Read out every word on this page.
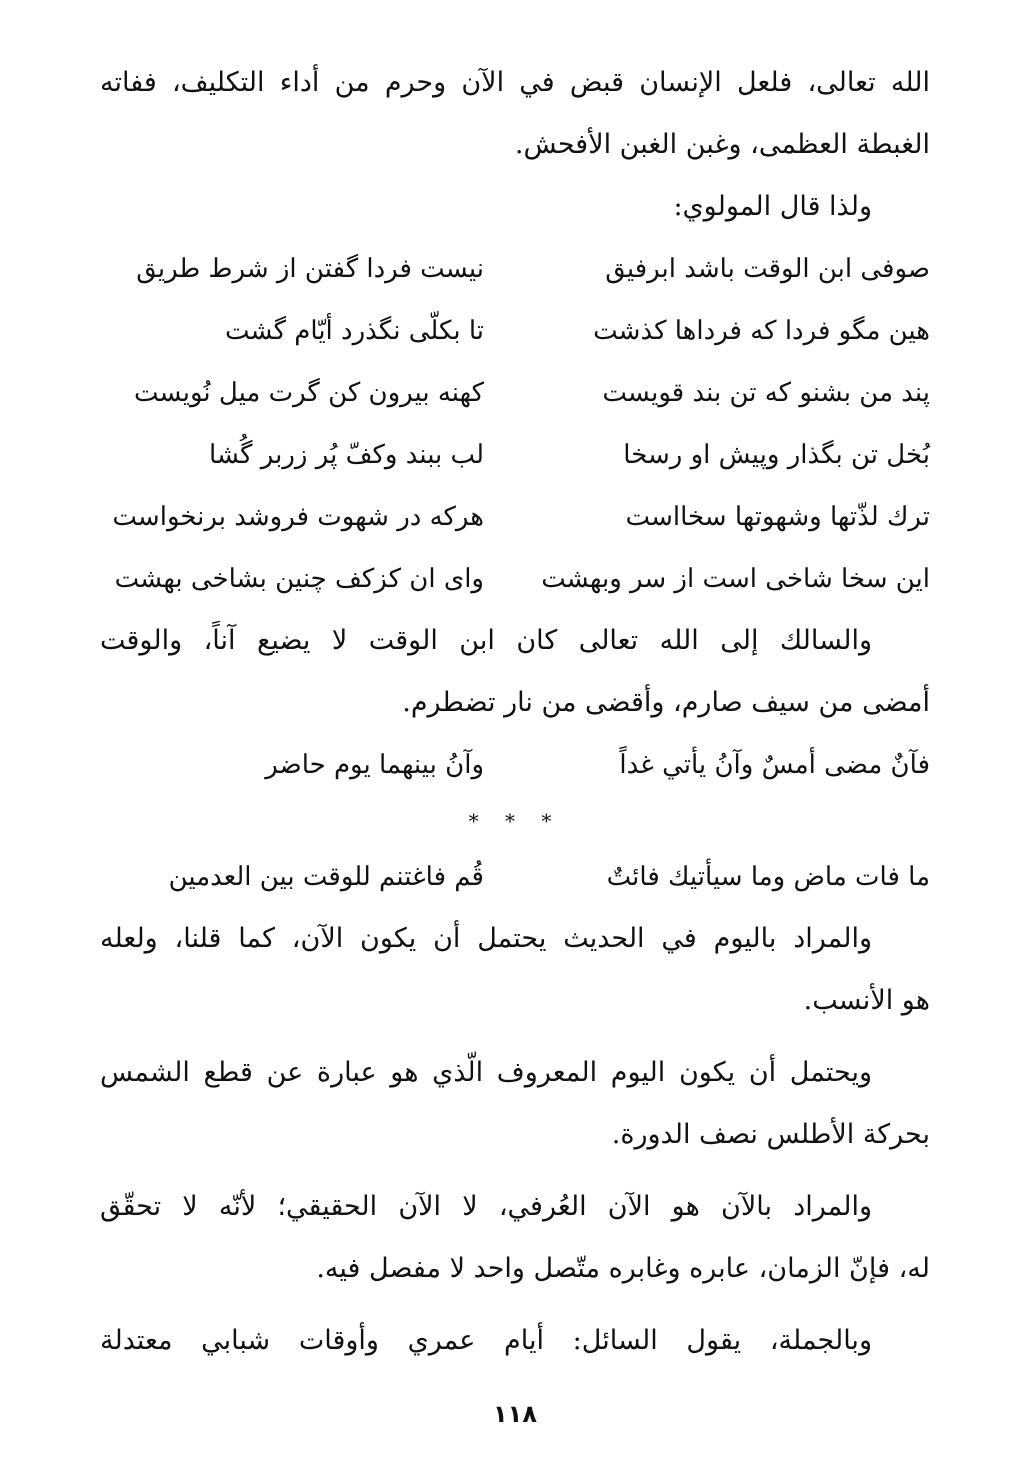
الله تعالى، فلعل الإنسان قبض في الآن وحرم من أداء التكليف، ففاته
الغبطة العظمى، وغبن الغبن الأفحش.
ولذا قال المولوي:
صوفی ابن الوقت باشد ابرفیق
نیست فردا گفتن از شرط طریق
هین مگو فردا که فرداها کذشت
تا بکلّی نگذرد أيّام گشت
پند من بشنو که تن بند قویست
کهنه بیرون کن گرت میل نُویست
بُخل تن بگذار وپیش او رسخا
لب ببند وکفّ پُر زربر گُشا
ترك لذّتها وشهوتها سخااست
هرکه در شهوت فروشد برنخواست
این سخا شاخی است از سر وبهشت
وای ان کزکف چنین بشاخی بهشت
والسالك إلى الله تعالى كان ابن الوقت لا يضيع آناً، والوقت
أمضى من سيف صارم، وأقضى من نار تضطرم.
فآنٌ مضى أمسٌ وآنُ يأتي غداً
وآنُ بينهما يوم حاضر
* * *
ما فات ماض وما سيأتيك فائتٌ
قُم فاغتنم للوقت بين العدمين
والمراد باليوم في الحديث يحتمل أن يكون الآن، كما قلنا، ولعله
هو الأنسب.
ويحتمل أن يكون اليوم المعروف الّذي هو عبارة عن قطع الشمس
بحركة الأطلس نصف الدورة.
والمراد بالآن هو الآن العُرفي، لا الآن الحقيقي؛ لأنّه لا تحقّق
له، فإنّ الزمان، عابره وغابره متّصل واحد لا مفصل فيه.
وبالجملة، يقول السائل: أيام عمري وأوقات شبابي معتدلة
١١٨
